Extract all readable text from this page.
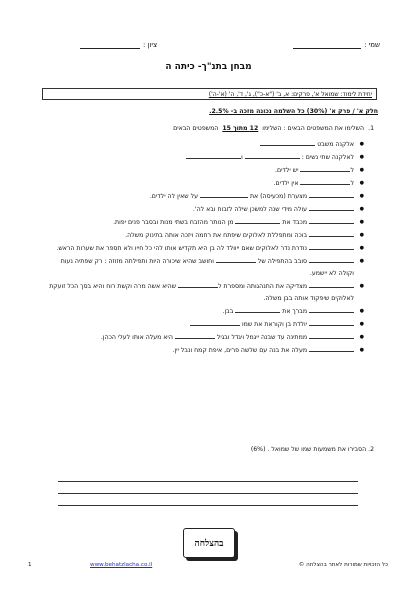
שמי :
ציון :
מבחן בתנ"ך- כיתה ה
יחידת לימוד: שמואל א', פרקים: א, ב' ("א-כ"), ג', ד', ה' (א'-ה')
חלק א' / פרק א' (30%) כל השלמה נכונה מזכה ב- 2.5%.
1.
השלימו את המשפטים הבאים : השלימו
12 מתוך 15
המשפטים הבאים
● אלקנה משבט
● לאלקנה שתי נשים :  ו
● ל יש ילדים.
● ל אין ילדים.
● מצערת (מכעיסה) את  על שאין לה ילדים.
● עולה מידי שנה למשכן שילה לזבוח ובא לה'.
● מכבד את  מן הנותר מהזבח בשתי מנות ובסבר פנים יפות.
● בוכה ומתפללת לאלוקים שיפתח את רחמה ויזכה אותה בתינוק משלה.
● נודרת נדר לאלוקים שאם ייוולד לה בן היא תקדיש אותו להי כל חייו ולא תספר את שערות הראש.
● סובב בהתפילה של  וחושב שהיא שיכורה היות ותפילתה מזוזה : רק שפתיה נעות וקולה לא יישמע.
● מצדיקה את התנהגותה ומספרת ל שהיא אשה מרה וקשת רוח והיא בסך הכל זועקת לאלוקים שיפקוד אותה בבן משלה.
● מברך את  בבן.
● יולדת בן וקוראת את שמו
● ממתינה עד שבנה ייגמל ויגדל ובגיל  היא מעלה אותו לעלי הכהן.
● מעלה את בנה עם שלשה פרים, איפת קמח ונבל יין.
2. הסבירו את משמעות שמו של שמואל . (6%)
בהצלחה
1	www.behatzlacha.co.il	כל הזכויות שמורות לאתר בהצלחה ©
